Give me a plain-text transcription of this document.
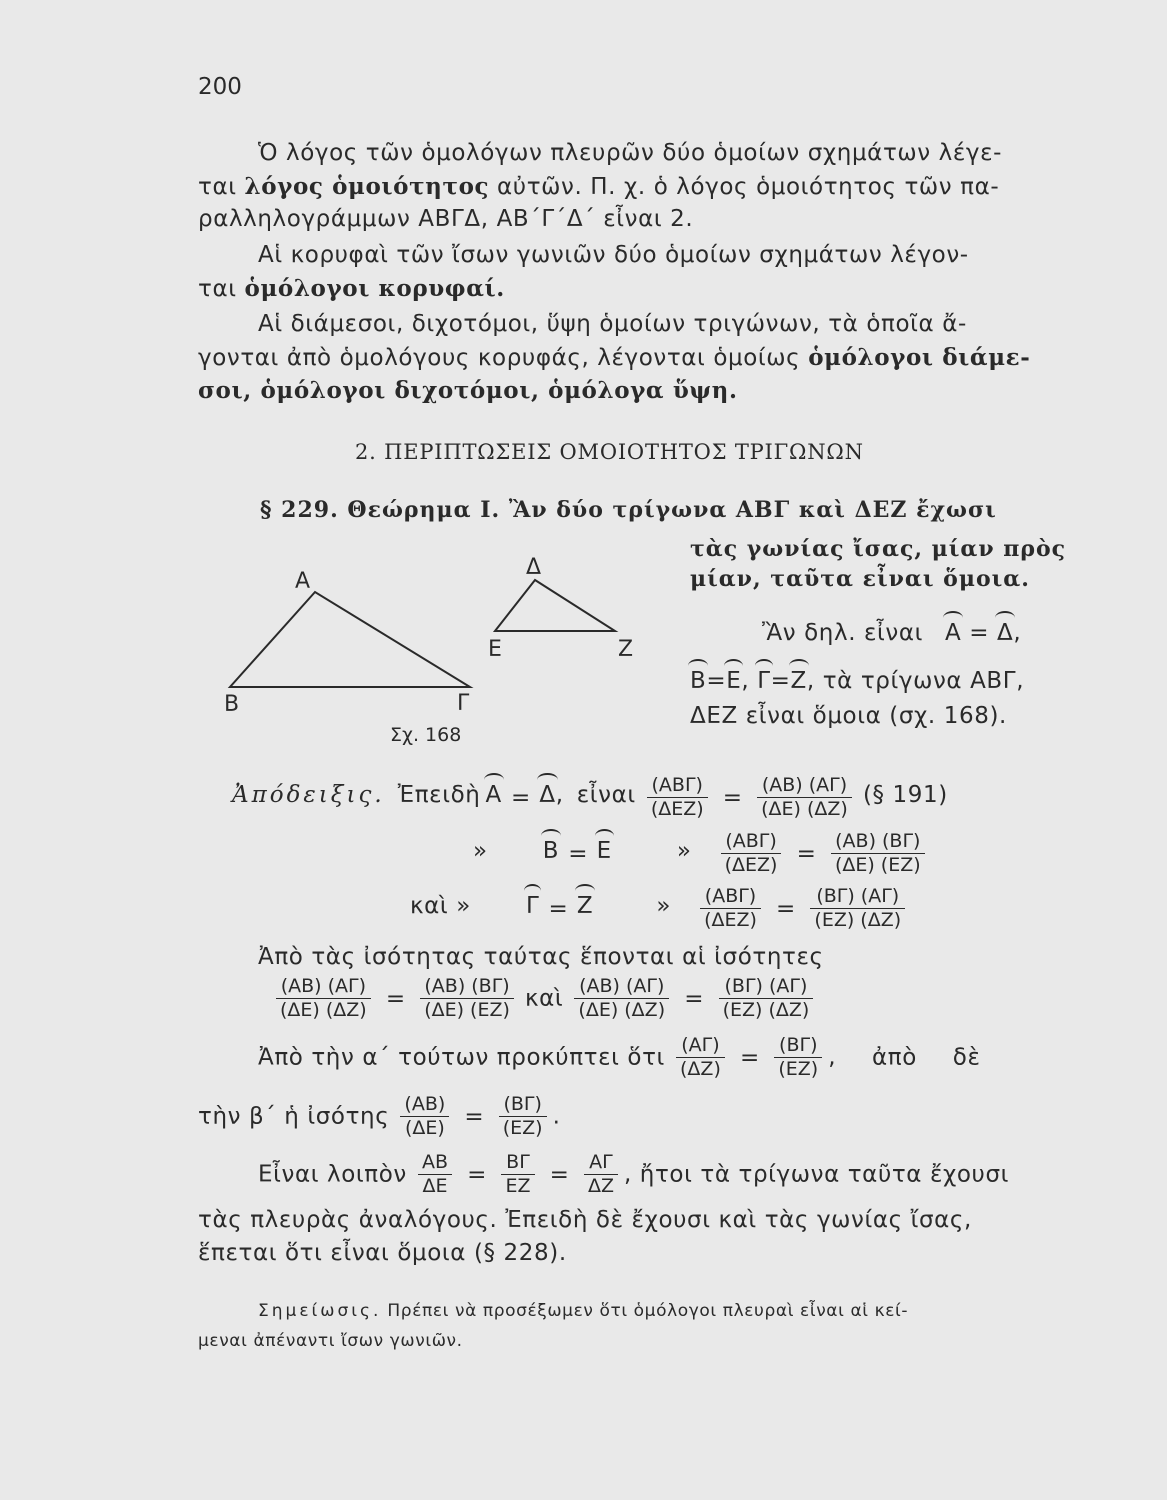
200
Ὁ λόγος τῶν ὁμολόγων πλευρῶν δύο ὁμοίων σχημάτων λέγε-
ται λόγος ὁμοιότητος αὐτῶν. Π. χ. ὁ λόγος ὁμοιότητος τῶν πα-
ραλληλογράμμων ΑΒΓΔ, ΑΒ΄Γ΄Δ΄ εἶναι 2.
Αἱ κορυφαὶ τῶν ἴσων γωνιῶν δύο ὁμοίων σχημάτων λέγον-
ται ὁμόλογοι κορυφαί.
Αἱ διάμεσοι, διχοτόμοι, ὕψη ὁμοίων τριγώνων, τὰ ὁποῖα ἄ-
γονται ἀπὸ ὁμολόγους κορυφάς, λέγονται ὁμοίως ὁμόλογοι διάμε-
σοι, ὁμόλογοι διχοτόμοι, ὁμόλογα ὕψη.
2. ΠΕΡΙΠΤΩΣΕΙΣ ΟΜΟΙΟΤΗΤΟΣ ΤΡΙΓΩΝΩΝ
§ 229. Θεώρημα Ι. Ἂν δύο τρίγωνα ΑΒΓ καὶ ΔΕΖ ἔχωσι
τὰς γωνίας ἴσας, μίαν πρὸς
μίαν, ταῦτα εἶναι ὅμοια.
Α
Β	Γ
Δ
Ε	Ζ
Σχ. 168
Ἂν δηλ. εἶναι Α = Δ,
Β=Ε, Γ=Ζ, τὰ τρίγωνα ΑΒΓ,
ΔΕΖ εἶναι ὅμοια (σχ. 168).
Ἀπόδειξις. Ἐπειδὴ Α = Δ, εἶναι $\frac{\text{(ΑΒΓ)}}{\text{(ΔΕΖ)}} = \frac{(AB) (A\Gamma)}{(\Delta E) (\Delta Z)}$ (§ 191)
» Β = Ε	» $\frac{\text{(ΑΒΓ)}}{\text{(ΔΕΖ)}} = \frac{(AB) (B\Gamma)}{(\Delta E) (EZ)}$
καὶ » Γ = Ζ	» $\frac{\text{(ΑΒΓ)}}{\text{(ΔΕΖ)}} = \frac{(B\Gamma) (A\Gamma)}{(EZ) (\Delta Z)}$
Ἀπὸ τὰς ἰσότητας ταύτας ἕπονται αἱ ἰσότητες
$\frac{(AB) (A\Gamma)}{(\Delta E) (\Delta Z)} = \frac{(AB) (B\Gamma)}{(\Delta E) (EZ)}$ καὶ $\frac{(AB) (A\Gamma)}{(\Delta E) (\Delta Z)} = \frac{(B\Gamma) (A\Gamma)}{(EZ) (\Delta Z)}$
Ἀπὸ τὴν α΄ τούτων προκύπτει ὅτι $\frac{(A\Gamma)}{(\Delta Z)} = \frac{(B\Gamma)}{(EZ)}$ , ἀπὸ δὲ
τὴν β΄ ἡ ἰσότης $\frac{(AB)}{(\Delta E)} = \frac{(B\Gamma)}{(EZ)}$ .
Εἶναι λοιπὸν $\frac{AB}{\Delta E} = \frac{B\Gamma}{EZ} = \frac{A\Gamma}{\Delta Z}$ , ἤτοι τὰ τρίγωνα ταῦτα ἔχουσι
τὰς πλευρὰς ἀναλόγους. Ἐπειδὴ δὲ ἔχουσι καὶ τὰς γωνίας ἴσας,
ἕπεται ὅτι εἶναι ὅμοια (§ 228).
Σημείωσις. Πρέπει νὰ προσέξωμεν ὅτι ὁμόλογοι πλευραὶ εἶναι αἱ κεί-
μεναι ἀπέναντι ἴσων γωνιῶν.
